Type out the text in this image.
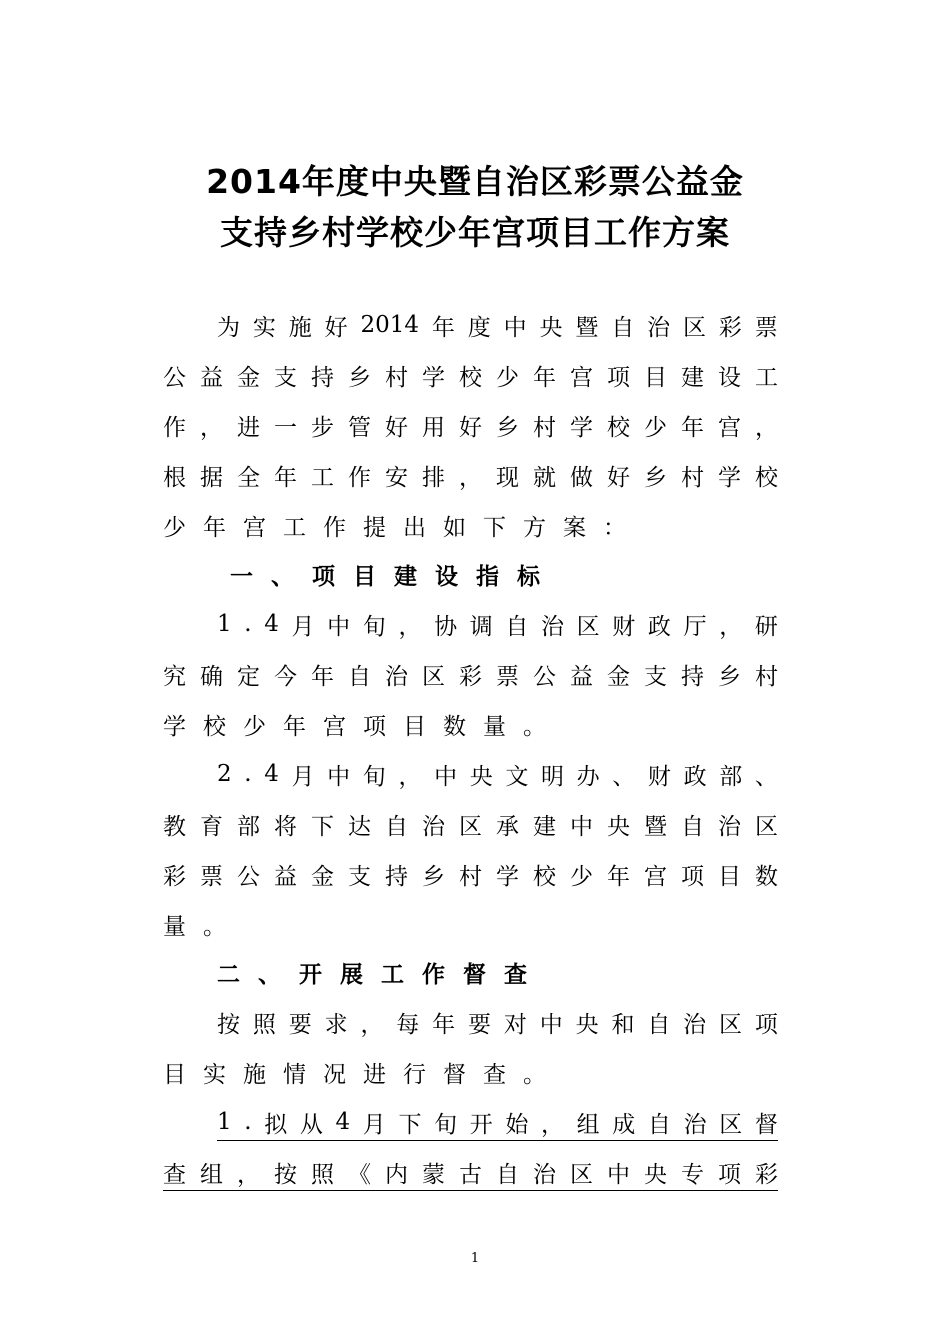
2014年度中央暨自治区彩票公益金
支持乡村学校少年宫项目工作方案
为 实 施 好 2014 年 度 中 央 暨 自 治 区 彩 票
公 益 金 支 持 乡 村 学 校 少 年 宫 项 目 建 设 工
作 ， 进 一 步 管 好 用 好 乡 村 学 校 少 年 宫 ，
根 据 全 年 工 作 安 排 ， 现 就 做 好 乡 村 学 校
少 年 宫 工 作 提 出 如 下 方 案 ：
一 、 项 目 建 设 指 标
1 . 4 月 中 旬 ， 协 调 自 治 区 财 政 厅 ， 研
究 确 定 今 年 自 治 区 彩 票 公 益 金 支 持 乡 村
学 校 少 年 宫 项 目 数 量 。
2 . 4 月 中 旬 ， 中 央 文 明 办 、 财 政 部 、
教 育 部 将 下 达 自 治 区 承 建 中 央 暨 自 治 区
彩 票 公 益 金 支 持 乡 村 学 校 少 年 宫 项 目 数
量 。
二 、 开 展 工 作 督 查
按 照 要 求 ， 每 年 要 对 中 央 和 自 治 区 项
目 实 施 情 况 进 行 督 查 。
1 . 拟 从 4 月 下 旬 开 始 ， 组 成 自 治 区 督
查 组 ， 按 照 《 内 蒙 古 自 治 区 中 央 专 项 彩
1
